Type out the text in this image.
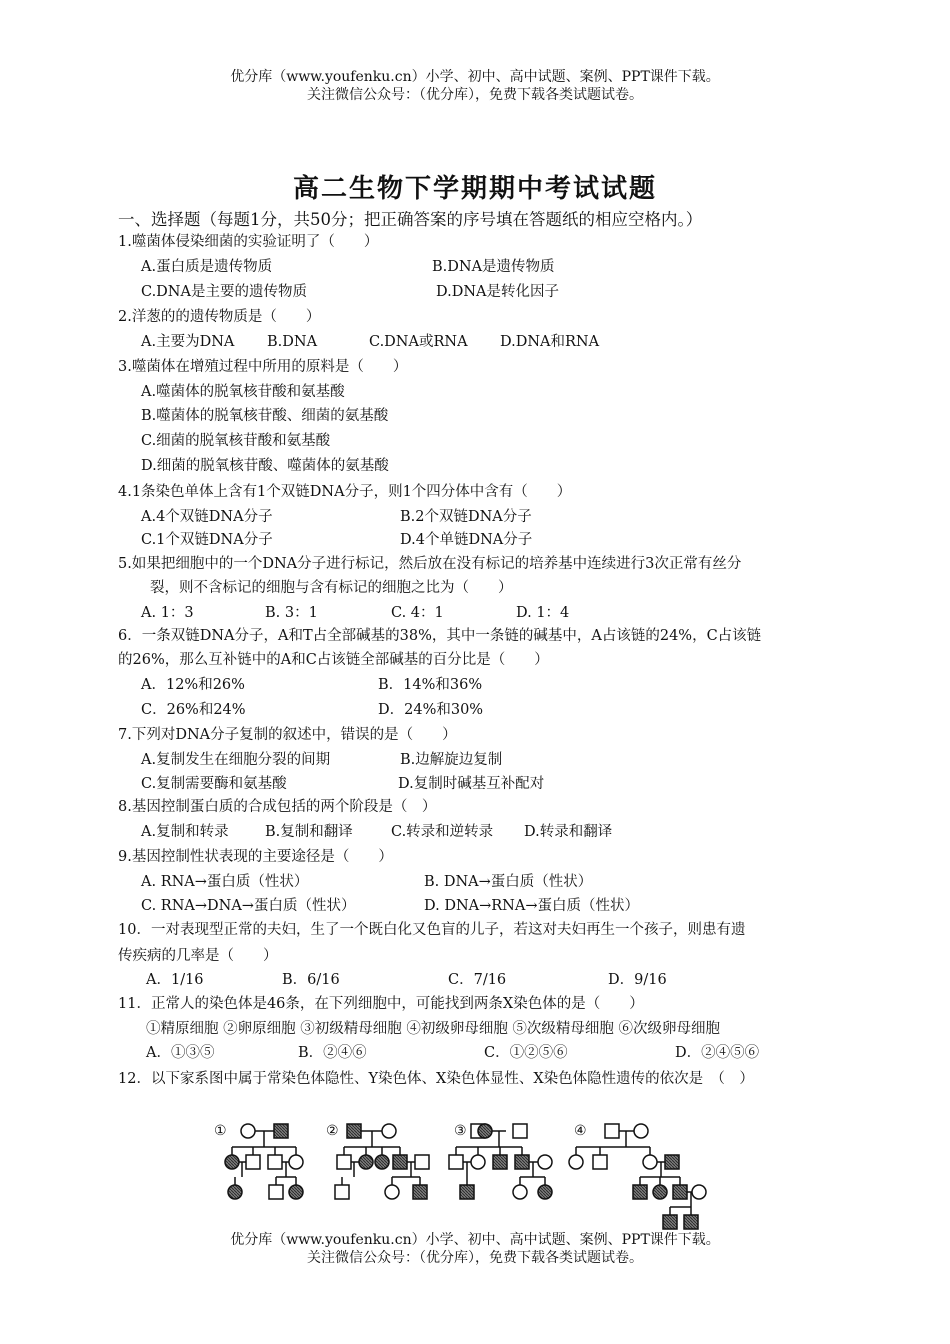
优分库（www.youfenku.cn）小学、初中、高中试题、案例、PPT课件下载。
关注微信公众号：（优分库），免费下载各类试题试卷。
高二生物下学期期中考试试题
一、选择题（每题1分，共50分；把正确答案的序号填在答题纸的相应空格内。）
1.噬菌体侵染细菌的实验证明了（　　）
A.蛋白质是遗传物质	B.DNA是遗传物质
C.DNA是主要的遗传物质	D.DNA是转化因子
2.洋葱的的遗传物质是（　　）
A.主要为DNA B.DNA	C.DNA或RNA D.DNA和RNA
3.噬菌体在增殖过程中所用的原料是（　　）
A.噬菌体的脱氧核苷酸和氨基酸
B.噬菌体的脱氧核苷酸、细菌的氨基酸
C.细菌的脱氧核苷酸和氨基酸
D.细菌的脱氧核苷酸、噬菌体的氨基酸
4.1条染色单体上含有1个双链DNA分子，则1个四分体中含有（　　）
A.4个双链DNA分子	B.2个双链DNA分子
C.1个双链DNA分子	D.4个单链DNA分子
5.如果把细胞中的一个DNA分子进行标记，然后放在没有标记的培养基中连续进行3次正常有丝分
裂，则不含标记的细胞与含有标记的细胞之比为（　　）
A. 1：3	B. 3：1	C. 4：1	D. 1：4
6．一条双链DNA分子，A和T占全部碱基的38%，其中一条链的碱基中，A占该链的24%，C占该链
的26%，那么互补链中的A和C占该链全部碱基的百分比是（　　）
A．12%和26%	B．14%和36%
C．26%和24%	D．24%和30%
7.下列对DNA分子复制的叙述中，错误的是（　　）
A.复制发生在细胞分裂的间期	B.边解旋边复制
C.复制需要酶和氨基酸	D.复制时碱基互补配对
8.基因控制蛋白质的合成包括的两个阶段是（　）
A.复制和转录	B.复制和翻译	C.转录和逆转录 D.转录和翻译
9.基因控制性状表现的主要途径是（　　）
A. RNA→蛋白质（性状）	B. DNA→蛋白质（性状）
C. RNA→DNA→蛋白质（性状）	D. DNA→RNA→蛋白质（性状）
10．一对表现型正常的夫妇，生了一个既白化又色盲的儿子，若这对夫妇再生一个孩子，则患有遗
传疾病的几率是（　　）
A．1/16	B．6/16	C．7/16	D．9/16
11．正常人的染色体是46条，在下列细胞中，可能找到两条X染色体的是（　　）
①精原细胞 ②卵原细胞 ③初级精母细胞 ④初级卵母细胞 ⑤次级精母细胞 ⑥次级卵母细胞
A．①③⑤	B．②④⑥	C．①②⑤⑥	D．②④⑤⑥
12．以下家系图中属于常染色体隐性、Y染色体、X染色体显性、X染色体隐性遗传的依次是　（　）
①	②	③	④
优分库（www.youfenku.cn）小学、初中、高中试题、案例、PPT课件下载。
关注微信公众号：（优分库），免费下载各类试题试卷。
